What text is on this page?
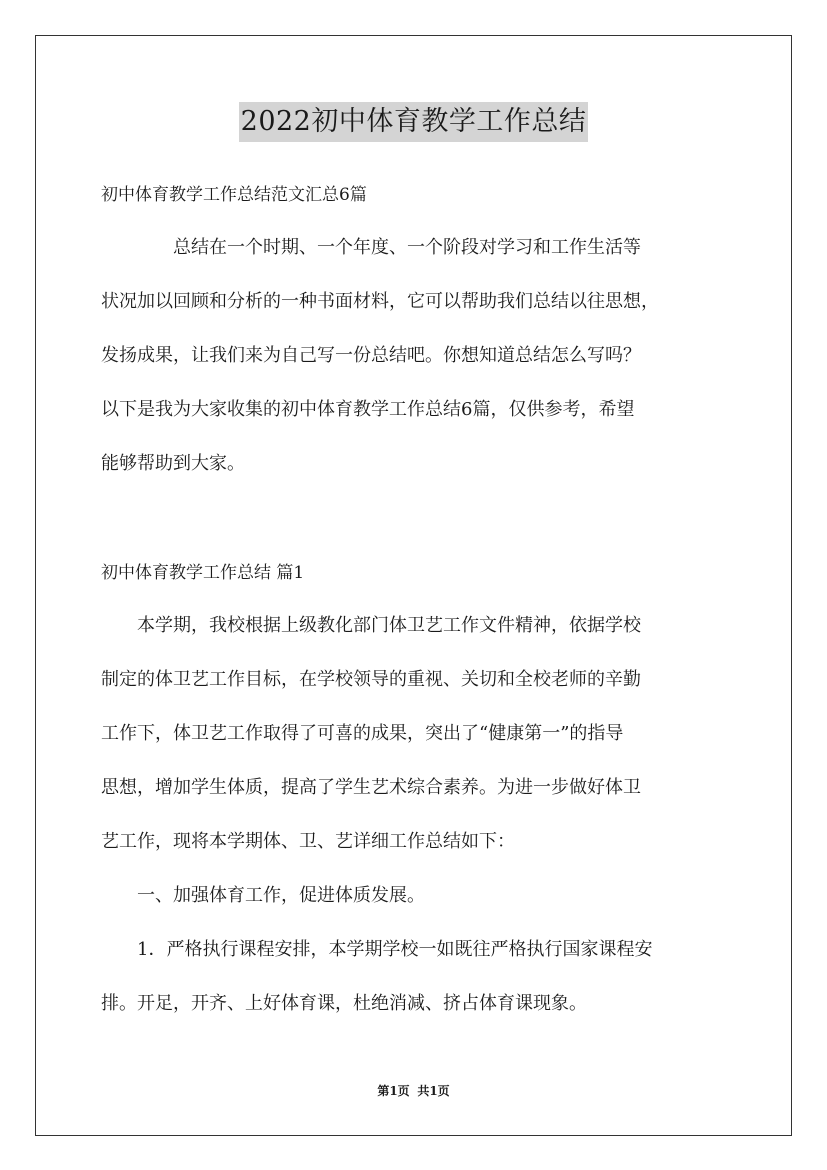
2022初中体育教学工作总结
初中体育教学工作总结范文汇总6篇
　　　　总结在一个时期、一个年度、一个阶段对学习和工作生活等
状况加以回顾和分析的一种书面材料，它可以帮助我们总结以往思想，
发扬成果，让我们来为自己写一份总结吧。你想知道总结怎么写吗？
以下是我为大家收集的初中体育教学工作总结6篇，仅供参考，希望
能够帮助到大家。
初中体育教学工作总结 篇1
　　本学期，我校根据上级教化部门体卫艺工作文件精神，依据学校
制定的体卫艺工作目标，在学校领导的重视、关切和全校老师的辛勤
工作下，体卫艺工作取得了可喜的成果，突出了“健康第一”的指导
思想，增加学生体质，提高了学生艺术综合素养。为进一步做好体卫
艺工作，现将本学期体、卫、艺详细工作总结如下：
　　一、加强体育工作，促进体质发展。
　　1．严格执行课程安排，本学期学校一如既往严格执行国家课程安
排。开足，开齐、上好体育课，杜绝消减、挤占体育课现象。
第1页 共1页
